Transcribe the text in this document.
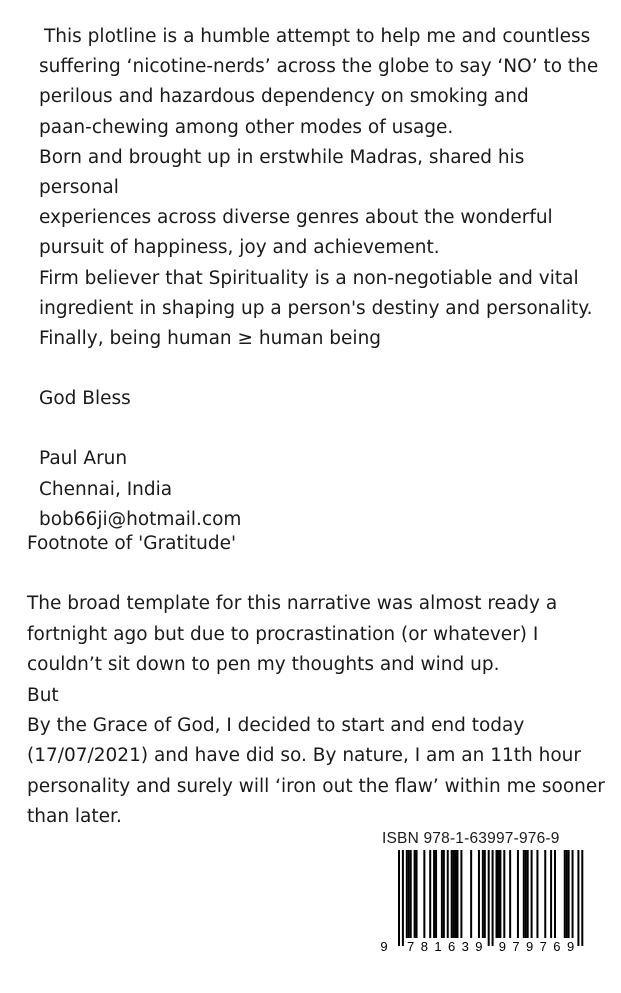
This plotline is a humble attempt to help me and countless

suffering ‘nicotine-nerds’ across the globe to say ‘NO’ to the

perilous and hazardous dependency on smoking and

paan-chewing among other modes of usage.

Born and brought up in erstwhile Madras, shared his personal

experiences across diverse genres about the wonderful

pursuit of happiness, joy and achievement.

Firm believer that Spirituality is a non-negotiable and vital

ingredient in shaping up a person's destiny and personality.

Finally, being human ≥ human being

God Bless

Paul Arun

Chennai, India

bob66ji@hotmail.com

Footnote of 'Gratitude'

The broad template for this narrative was almost ready a

fortnight ago but due to procrastination (or whatever) I

couldn’t sit down to pen my thoughts and wind up.

But

By the Grace of God, I decided to start and end today

(17/07/2021) and have did so. By nature, I am an 11th hour

personality and surely will ‘iron out the flaw’ within me sooner

than later.

ISBN 978-1-63997-976-9
9 7 8 1 6 3 9 9 7 9 7 6 9
